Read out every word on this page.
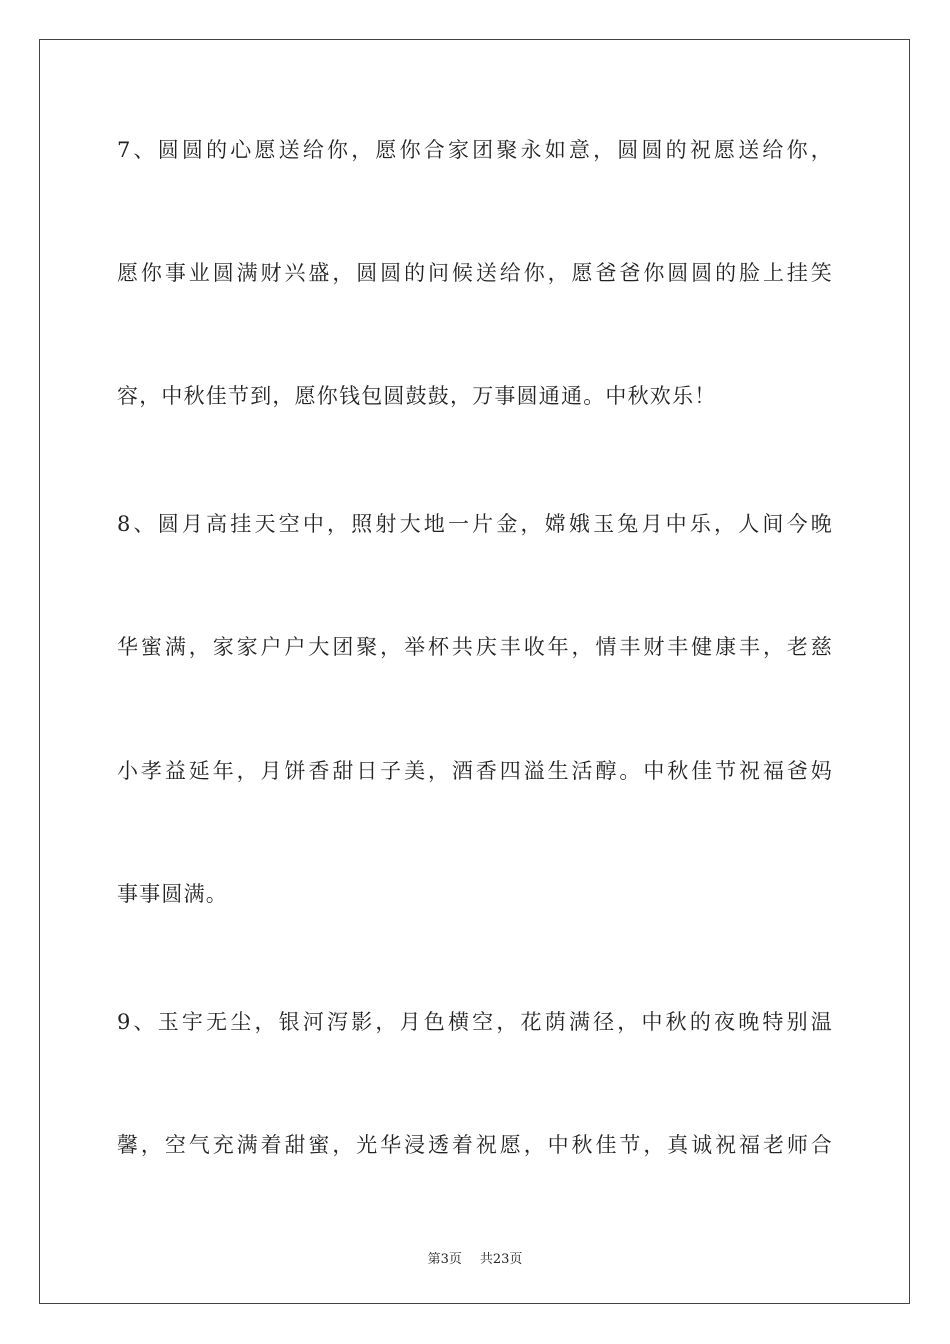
7、圆圆的心愿送给你，愿你合家团聚永如意，圆圆的祝愿送给你，
愿你事业圆满财兴盛，圆圆的问候送给你，愿爸爸你圆圆的脸上挂笑
容，中秋佳节到，愿你钱包圆鼓鼓，万事圆通通。中秋欢乐！
8、圆月高挂天空中，照射大地一片金，嫦娥玉兔月中乐，人间今晚
华蜜满，家家户户大团聚，举杯共庆丰收年，情丰财丰健康丰，老慈
小孝益延年，月饼香甜日子美，酒香四溢生活醇。中秋佳节祝福爸妈
事事圆满。
9、玉宇无尘，银河泻影，月色横空，花荫满径，中秋的夜晚特别温
馨，空气充满着甜蜜，光华浸透着祝愿，中秋佳节，真诚祝福老师合
第3页 共23页
